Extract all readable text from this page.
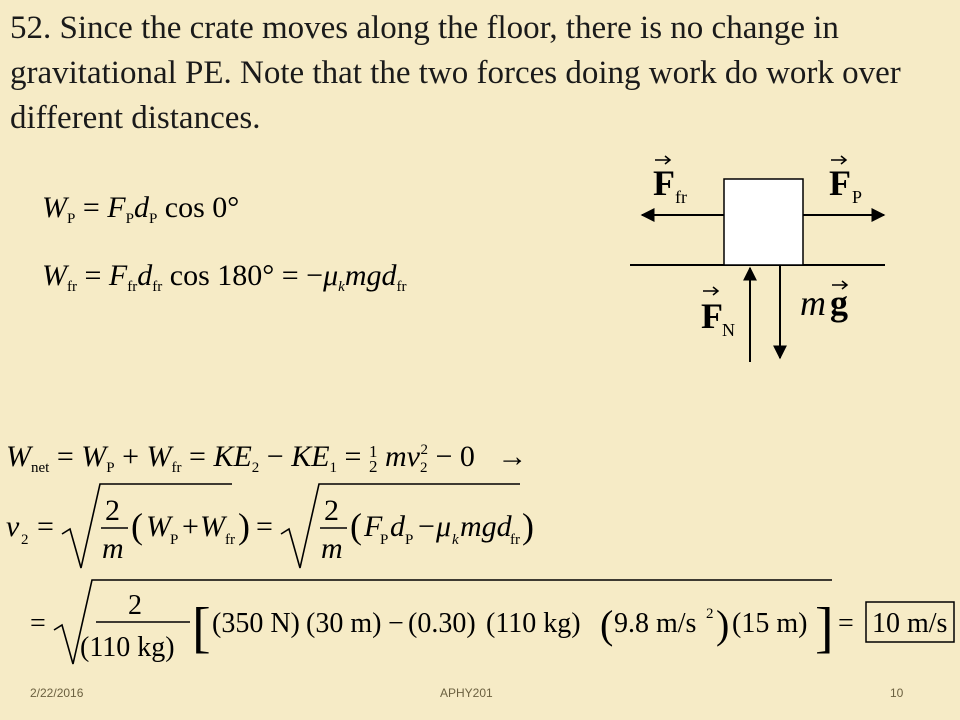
52. Since the crate moves along the floor, there is no change in gravitational PE. Note that the two forces doing work do work over different distances.

$W_P = F_Pd_P$ cos 0°
$W_{fr} = F_{fr}d_{fr}$ $\cos 180^\circ = -\mu_kmgd_{fr}$
F fr	F P
F N
m g
$W_{net} = W_P + W_{fr} = KE_2 - KE_1 = 1$
2 $mv_2^2 - 0$   →
v 2 = 2
m
( W P + W fr ) = 2
m
( F
P d P − μ k mgd
fr )
=
2
(110 kg) [ (350 N) (30 m) − (0.30) (110 kg) ( 9.8 m/s 2 ) (15 m) ] = 10 m/s
2/22/2016	APHY201	10
